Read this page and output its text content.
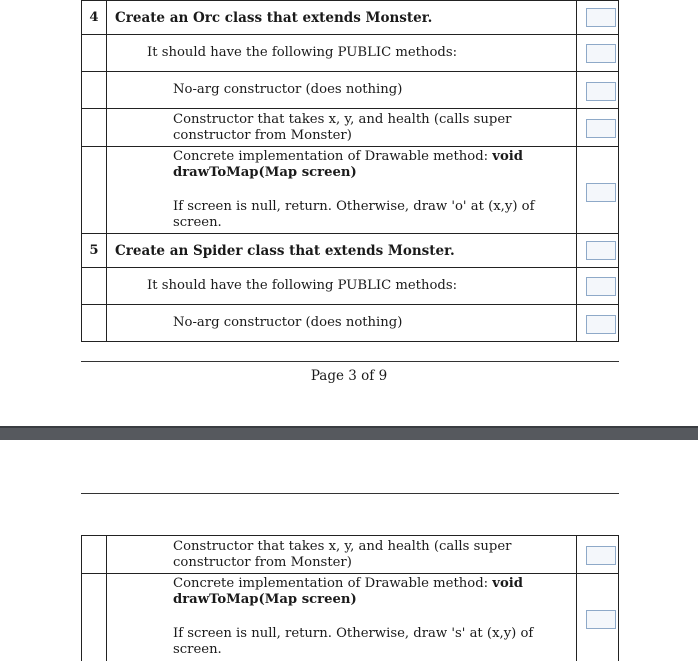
4	Create an Orc class that extends Monster.	

	It should have the following PUBLIC methods:	

	No-arg constructor (does nothing)	

	Constructor that takes x, y, and health (calls super
constructor from Monster)	

	Concrete implementation of Drawable method: void
drawToMap(Map screen)
If screen is null, return. Otherwise, draw 'o' at (x,y) of
screen.	

5	Create an Spider class that extends Monster.	

	It should have the following PUBLIC methods:	

	No-arg constructor (does nothing)	
Page 3 of 9

	Constructor that takes x, y, and health (calls super
constructor from Monster)	

	Concrete implementation of Drawable method: void
drawToMap(Map screen)
If screen is null, return. Otherwise, draw 's' at (x,y) of
screen.	
